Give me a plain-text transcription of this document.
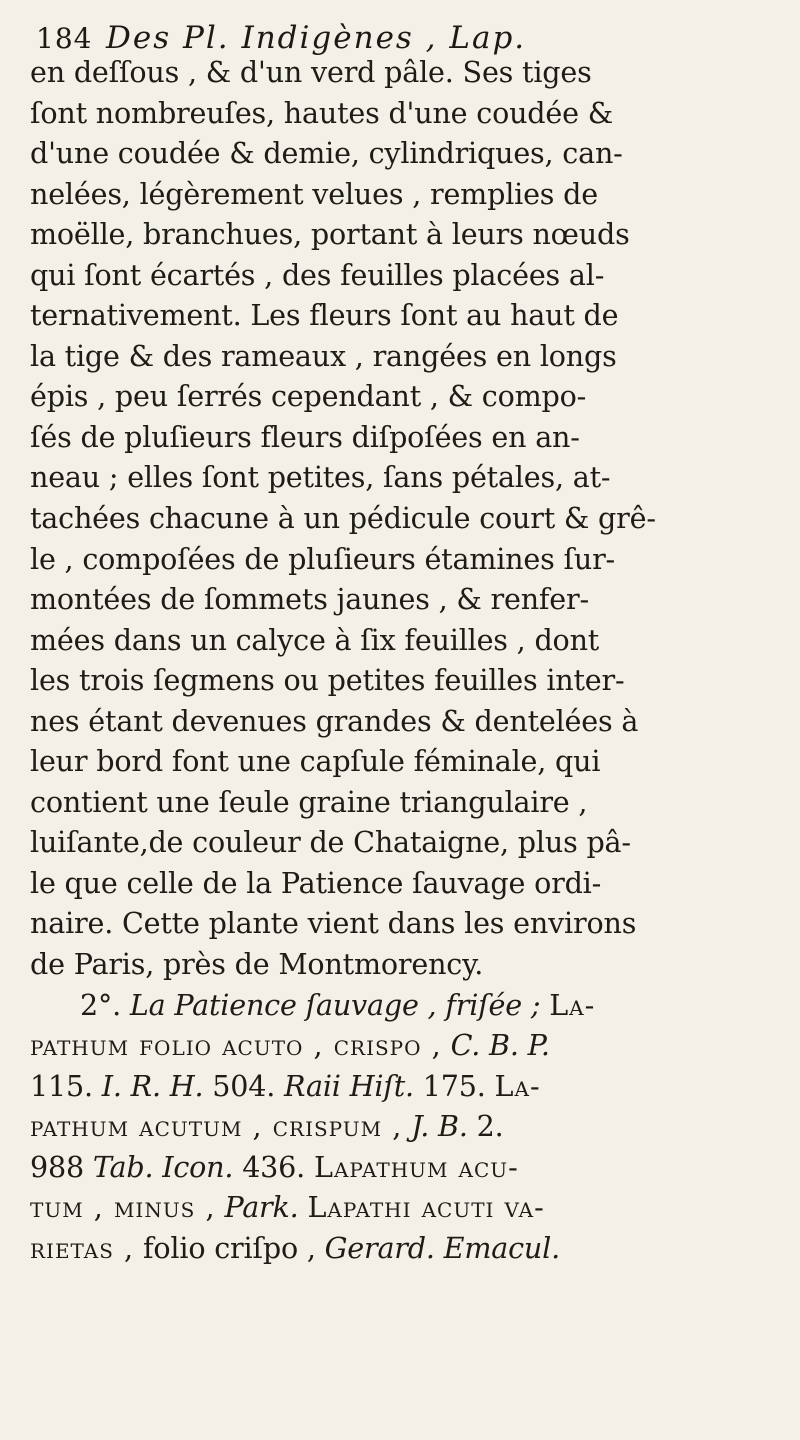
184 Des Pl. Indigènes , Lap.
en deſſous , & d'un verd pâle. Ses tiges
ſont nombreuſes, hautes d'une coudée &
d'une coudée & demie, cylindriques, can-
nelées, légèrement velues , remplies de
moëlle, branchues, portant à leurs nœuds
qui ſont écartés , des feuilles placées al-
ternativement. Les fleurs ſont au haut de
la tige & des rameaux , rangées en longs
épis , peu ſerrés cependant , & compo-
ſés de pluſieurs fleurs diſpoſées en an-
neau ; elles ſont petites, ſans pétales, at-
tachées chacune à un pédicule court & grê-
le , compoſées de pluſieurs étamines ſur-
montées de ſommets jaunes , & renfer-
mées dans un calyce à ſix feuilles , dont
les trois ſegmens ou petites feuilles inter-
nes étant devenues grandes & dentelées à
leur bord font une capſule féminale, qui
contient une ſeule graine triangulaire ,
luiſante,de couleur de Chataigne, plus pâ-
le que celle de la Patience ſauvage ordi-
naire. Cette plante vient dans les environs
de Paris, près de Montmorency.
2°. La Patience ſauvage , friſée ; La-
pathum folio acuto , crispo , C. B. P.
115. I. R. H. 504. Raii Hiſt. 175. La-
pathum acutum , crispum , J. B. 2.
988 Tab. Icon. 436. Lapathum acu-
tum , minus , Park. Lapathi acuti va-
rietas , folio criſpo , Gerard. Emacul.
